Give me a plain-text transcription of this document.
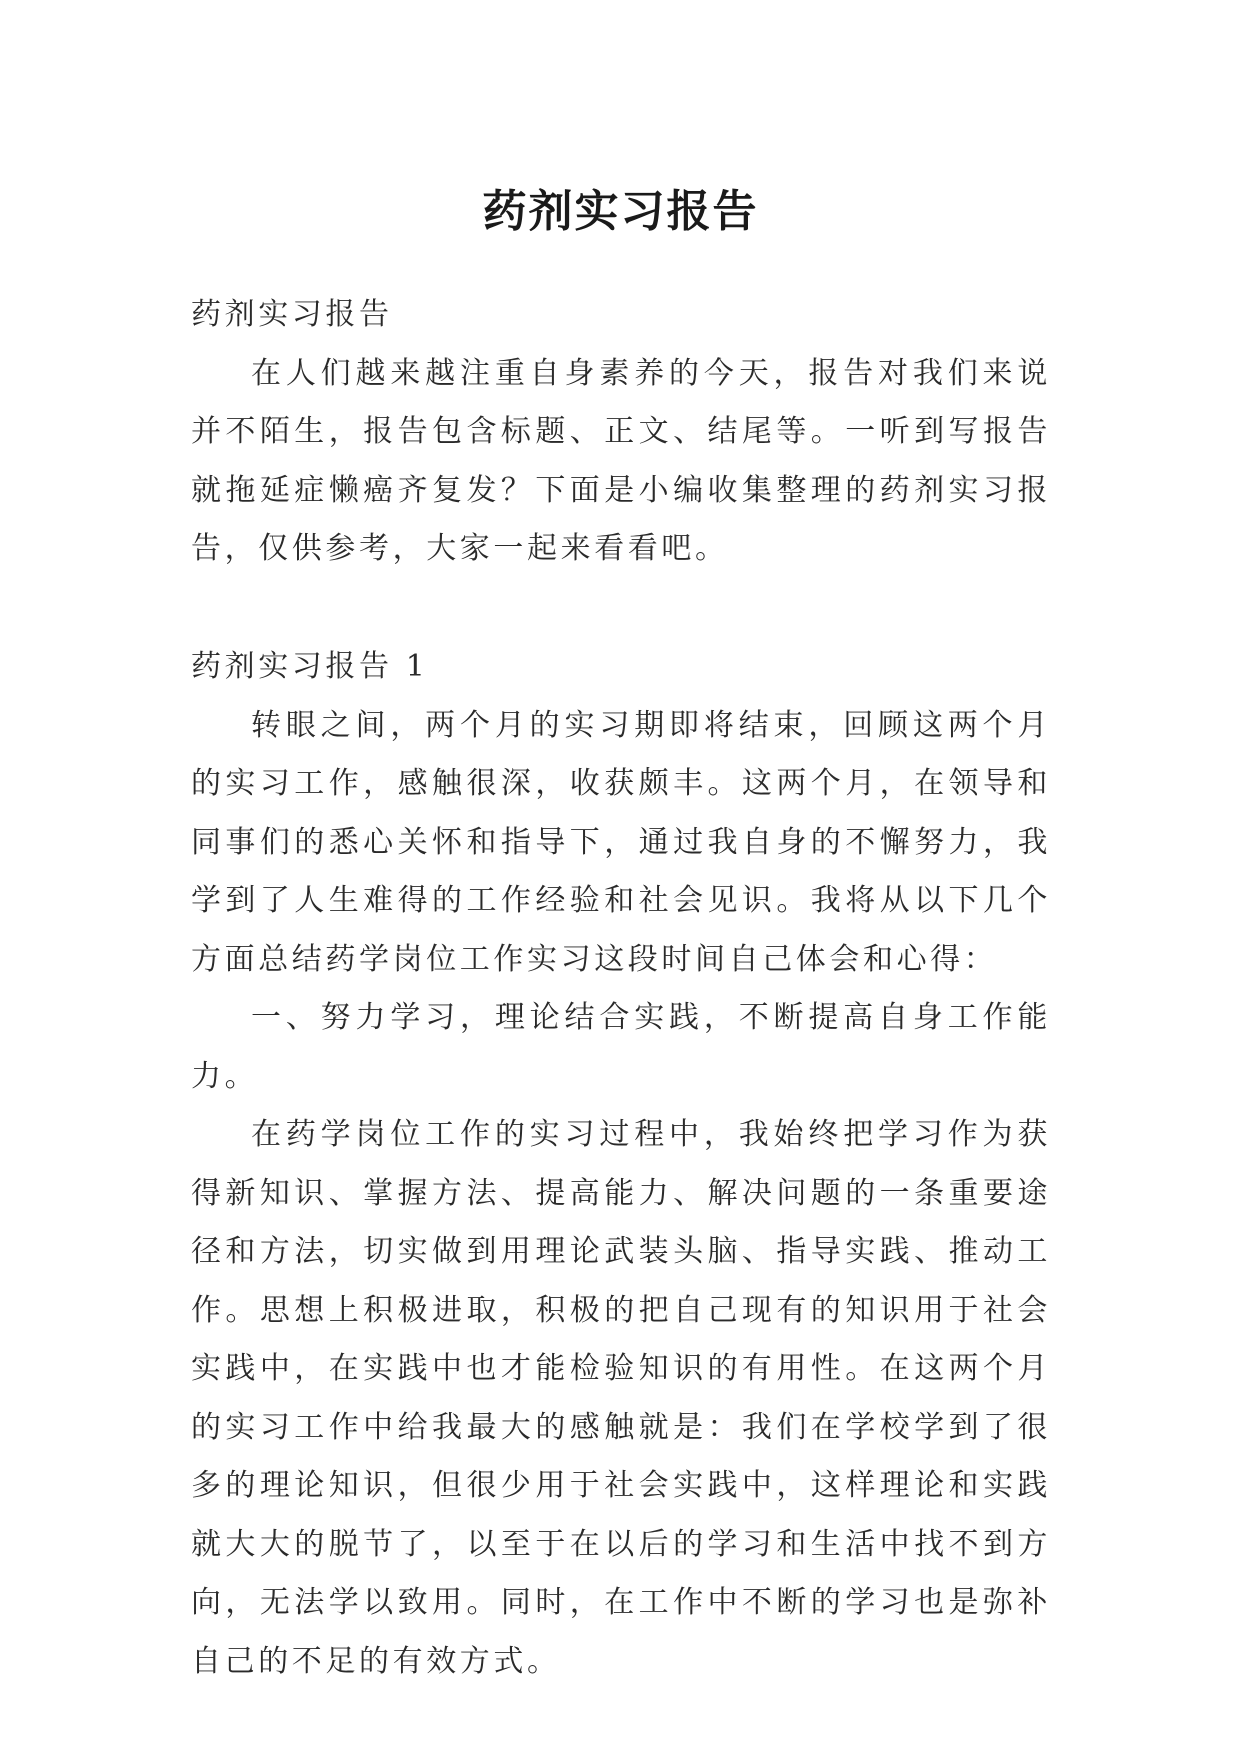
药剂实习报告

药剂实习报告

在人们越来越注重自身素养的今天，报告对我们来说并不陌生，报告包含标题、正文、结尾等。一听到写报告就拖延症懒癌齐复发？下面是小编收集整理的药剂实习报告，仅供参考，大家一起来看看吧。

药剂实习报告 1

转眼之间，两个月的实习期即将结束，回顾这两个月的实习工作，感触很深，收获颇丰。这两个月，在领导和同事们的悉心关怀和指导下，通过我自身的不懈努力，我学到了人生难得的工作经验和社会见识。我将从以下几个方面总结药学岗位工作实习这段时间自己体会和心得：

一、努力学习，理论结合实践，不断提高自身工作能力。

在药学岗位工作的实习过程中，我始终把学习作为获得新知识、掌握方法、提高能力、解决问题的一条重要途径和方法，切实做到用理论武装头脑、指导实践、推动工作。思想上积极进取，积极的把自己现有的知识用于社会实践中，在实践中也才能检验知识的有用性。在这两个月的实习工作中给我最大的感触就是：我们在学校学到了很多的理论知识，但很少用于社会实践中，这样理论和实践就大大的脱节了，以至于在以后的学习和生活中找不到方向，无法学以致用。同时，在工作中不断的学习也是弥补自己的不足的有效方式。
